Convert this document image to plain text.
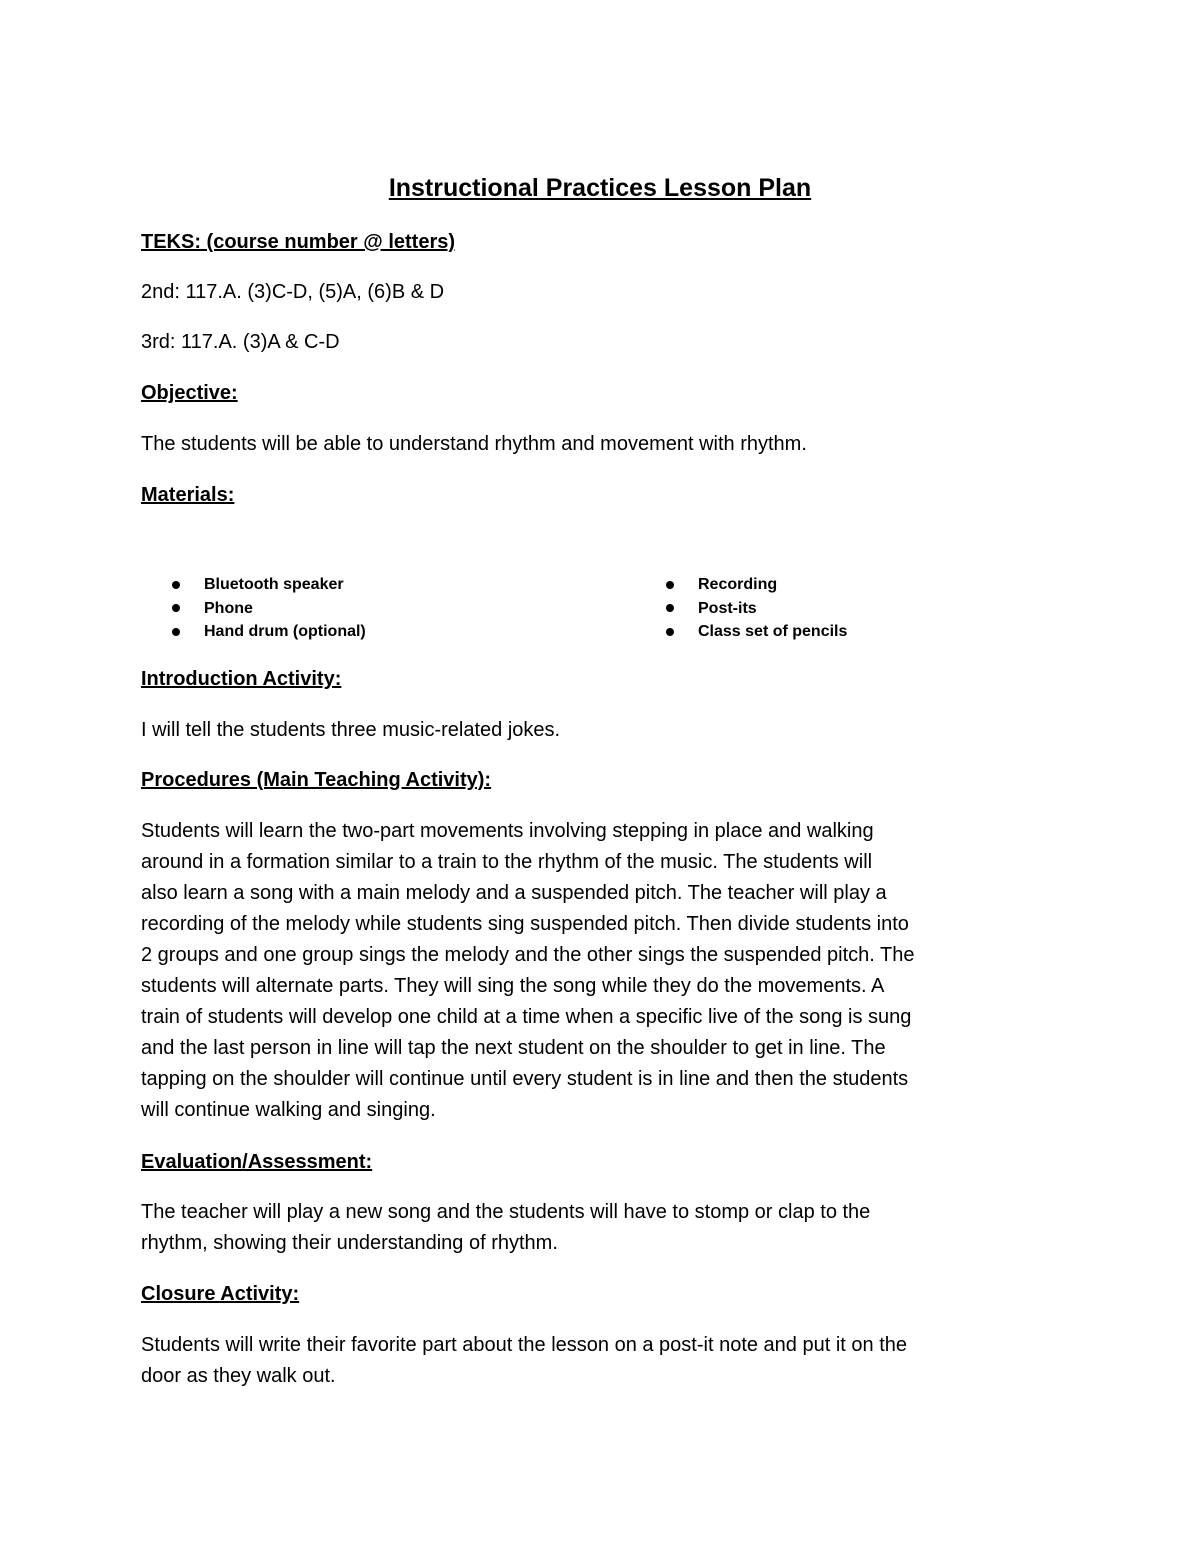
Instructional Practices Lesson Plan

TEKS: (course number @ letters)

2nd: 117.A. (3)C-D, (5)A, (6)B & D

3rd: 117.A. (3)A & C-D

Objective:

The students will be able to understand rhythm and movement with rhythm.

Materials:

Bluetooth speaker
Phone
Hand drum (optional)
Recording
Post-its
Class set of pencils

Introduction Activity:

I will tell the students three music-related jokes.

Procedures (Main Teaching Activity):

Students will learn the two-part movements involving stepping in place and walking
around in a formation similar to a train to the rhythm of the music. The students will
also learn a song with a main melody and a suspended pitch. The teacher will play a
recording of the melody while students sing suspended pitch. Then divide students into
2 groups and one group sings the melody and the other sings the suspended pitch. The
students will alternate parts. They will sing the song while they do the movements. A
train of students will develop one child at a time when a specific live of the song is sung
and the last person in line will tap the next student on the shoulder to get in line. The
tapping on the shoulder will continue until every student is in line and then the students
will continue walking and singing.

Evaluation/Assessment:

The teacher will play a new song and the students will have to stomp or clap to the
rhythm, showing their understanding of rhythm.

Closure Activity:

Students will write their favorite part about the lesson on a post-it note and put it on the
door as they walk out.
